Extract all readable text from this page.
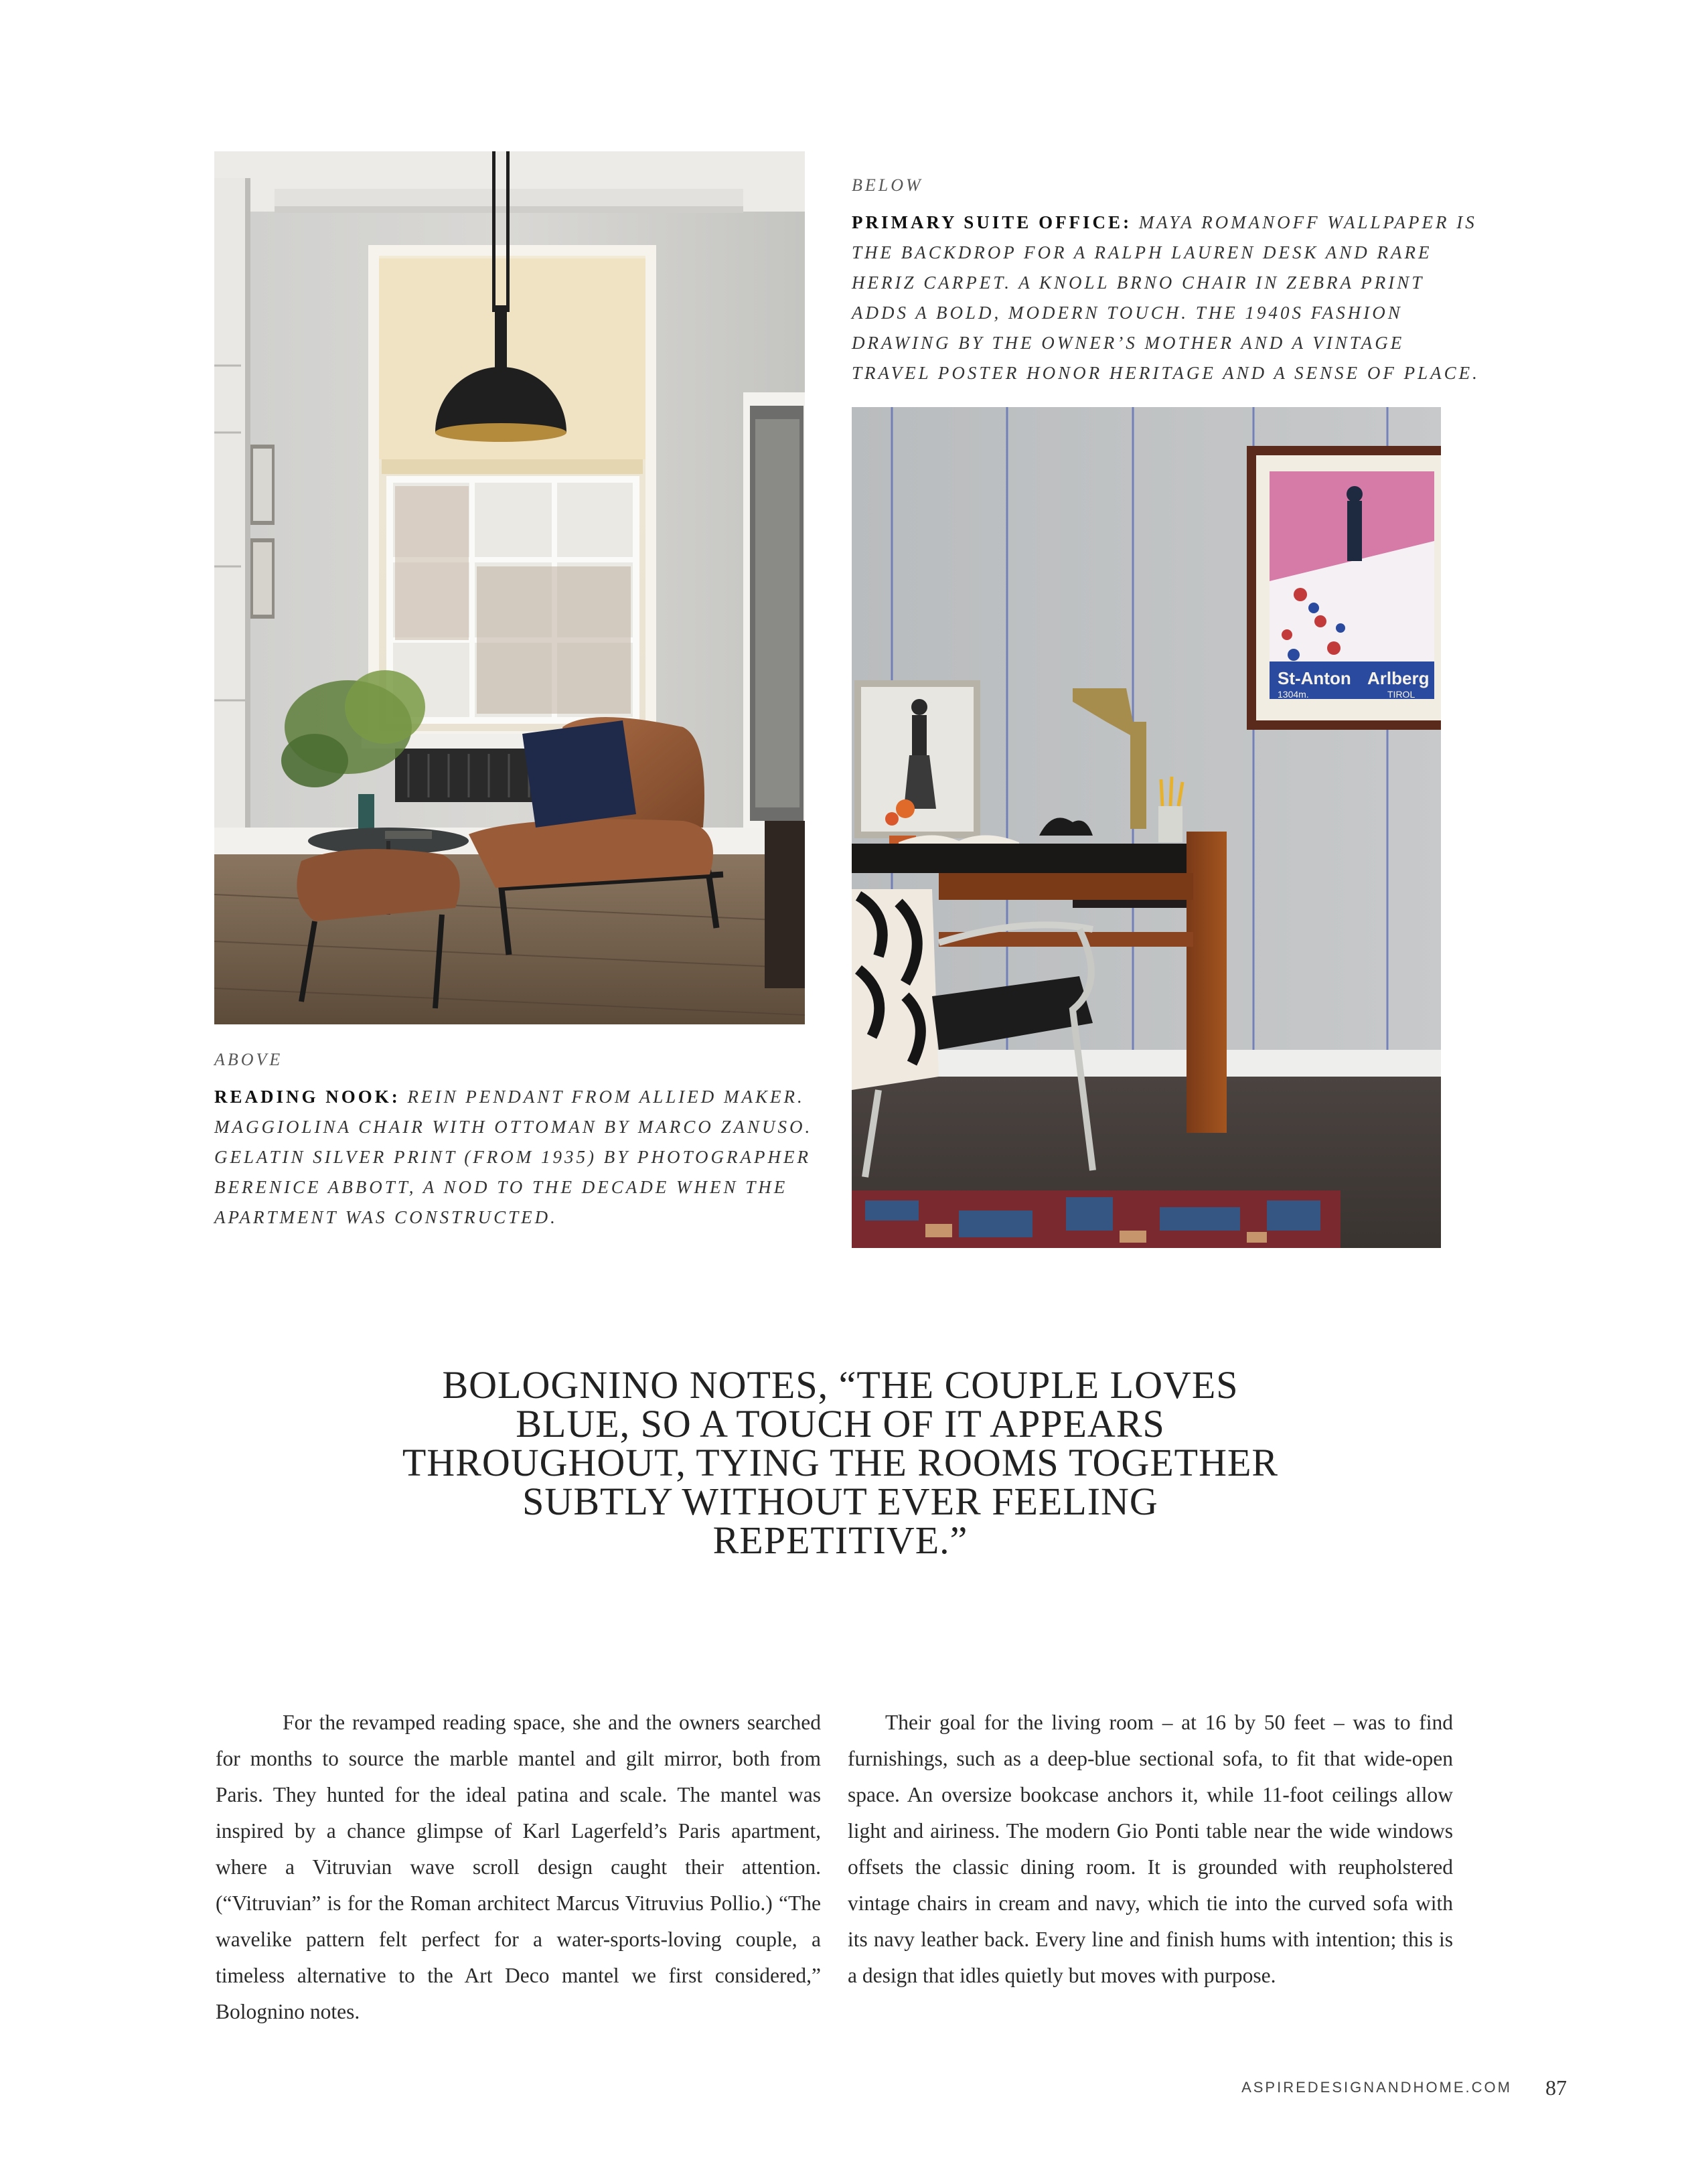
St-Anton Arlberg
1304m.	TIROL

ABOVE

READING NOOK: REIN PENDANT FROM ALLIED MAKER. MAGGIOLINA CHAIR WITH OTTOMAN BY MARCO ZANUSO. GELATIN SILVER PRINT (FROM 1935) BY PHOTOGRAPHER BERENICE ABBOTT, A NOD TO THE DECADE WHEN THE APARTMENT WAS CONSTRUCTED.

BELOW

PRIMARY SUITE OFFICE: MAYA ROMANOFF WALLPAPER IS THE BACKDROP FOR A RALPH LAUREN DESK AND RARE HERIZ CARPET. A KNOLL BRNO CHAIR IN ZEBRA PRINT ADDS A BOLD, MODERN TOUCH. THE 1940S FASHION DRAWING BY THE OWNER’S MOTHER AND A VINTAGE TRAVEL POSTER HONOR HERITAGE AND A SENSE OF PLACE.

BOLOGNINO NOTES, “THE COUPLE LOVES BLUE, SO A TOUCH OF IT APPEARS THROUGHOUT, TYING THE ROOMS TOGETHER SUBTLY WITHOUT EVER FEELING REPETITIVE.”

For the revamped reading space, she and the owners searched for months to source the marble mantel and gilt mirror, both from Paris. They hunted for the ideal patina and scale. The mantel was inspired by a chance glimpse of Karl Lagerfeld’s Paris apartment, where a Vitruvian wave scroll design caught their attention. (“Vitruvian” is for the Roman architect Marcus Vitruvius Pollio.) “The wavelike pattern felt perfect for a water-sports-loving couple, a timeless alternative to the Art Deco mantel we first considered,” Bolognino notes.

Their goal for the living room – at 16 by 50 feet – was to find furnishings, such as a deep-blue sectional sofa, to fit that wide-open space. An oversize bookcase anchors it, while 11-foot ceilings allow light and airiness. The modern Gio Ponti table near the wide windows offsets the classic dining room. It is grounded with reupholstered vintage chairs in cream and navy, which tie into the curved sofa with its navy leather back. Every line and finish hums with intention; this is a design that idles quietly but moves with purpose.

ASPIREDESIGNANDHOME.COM 87
